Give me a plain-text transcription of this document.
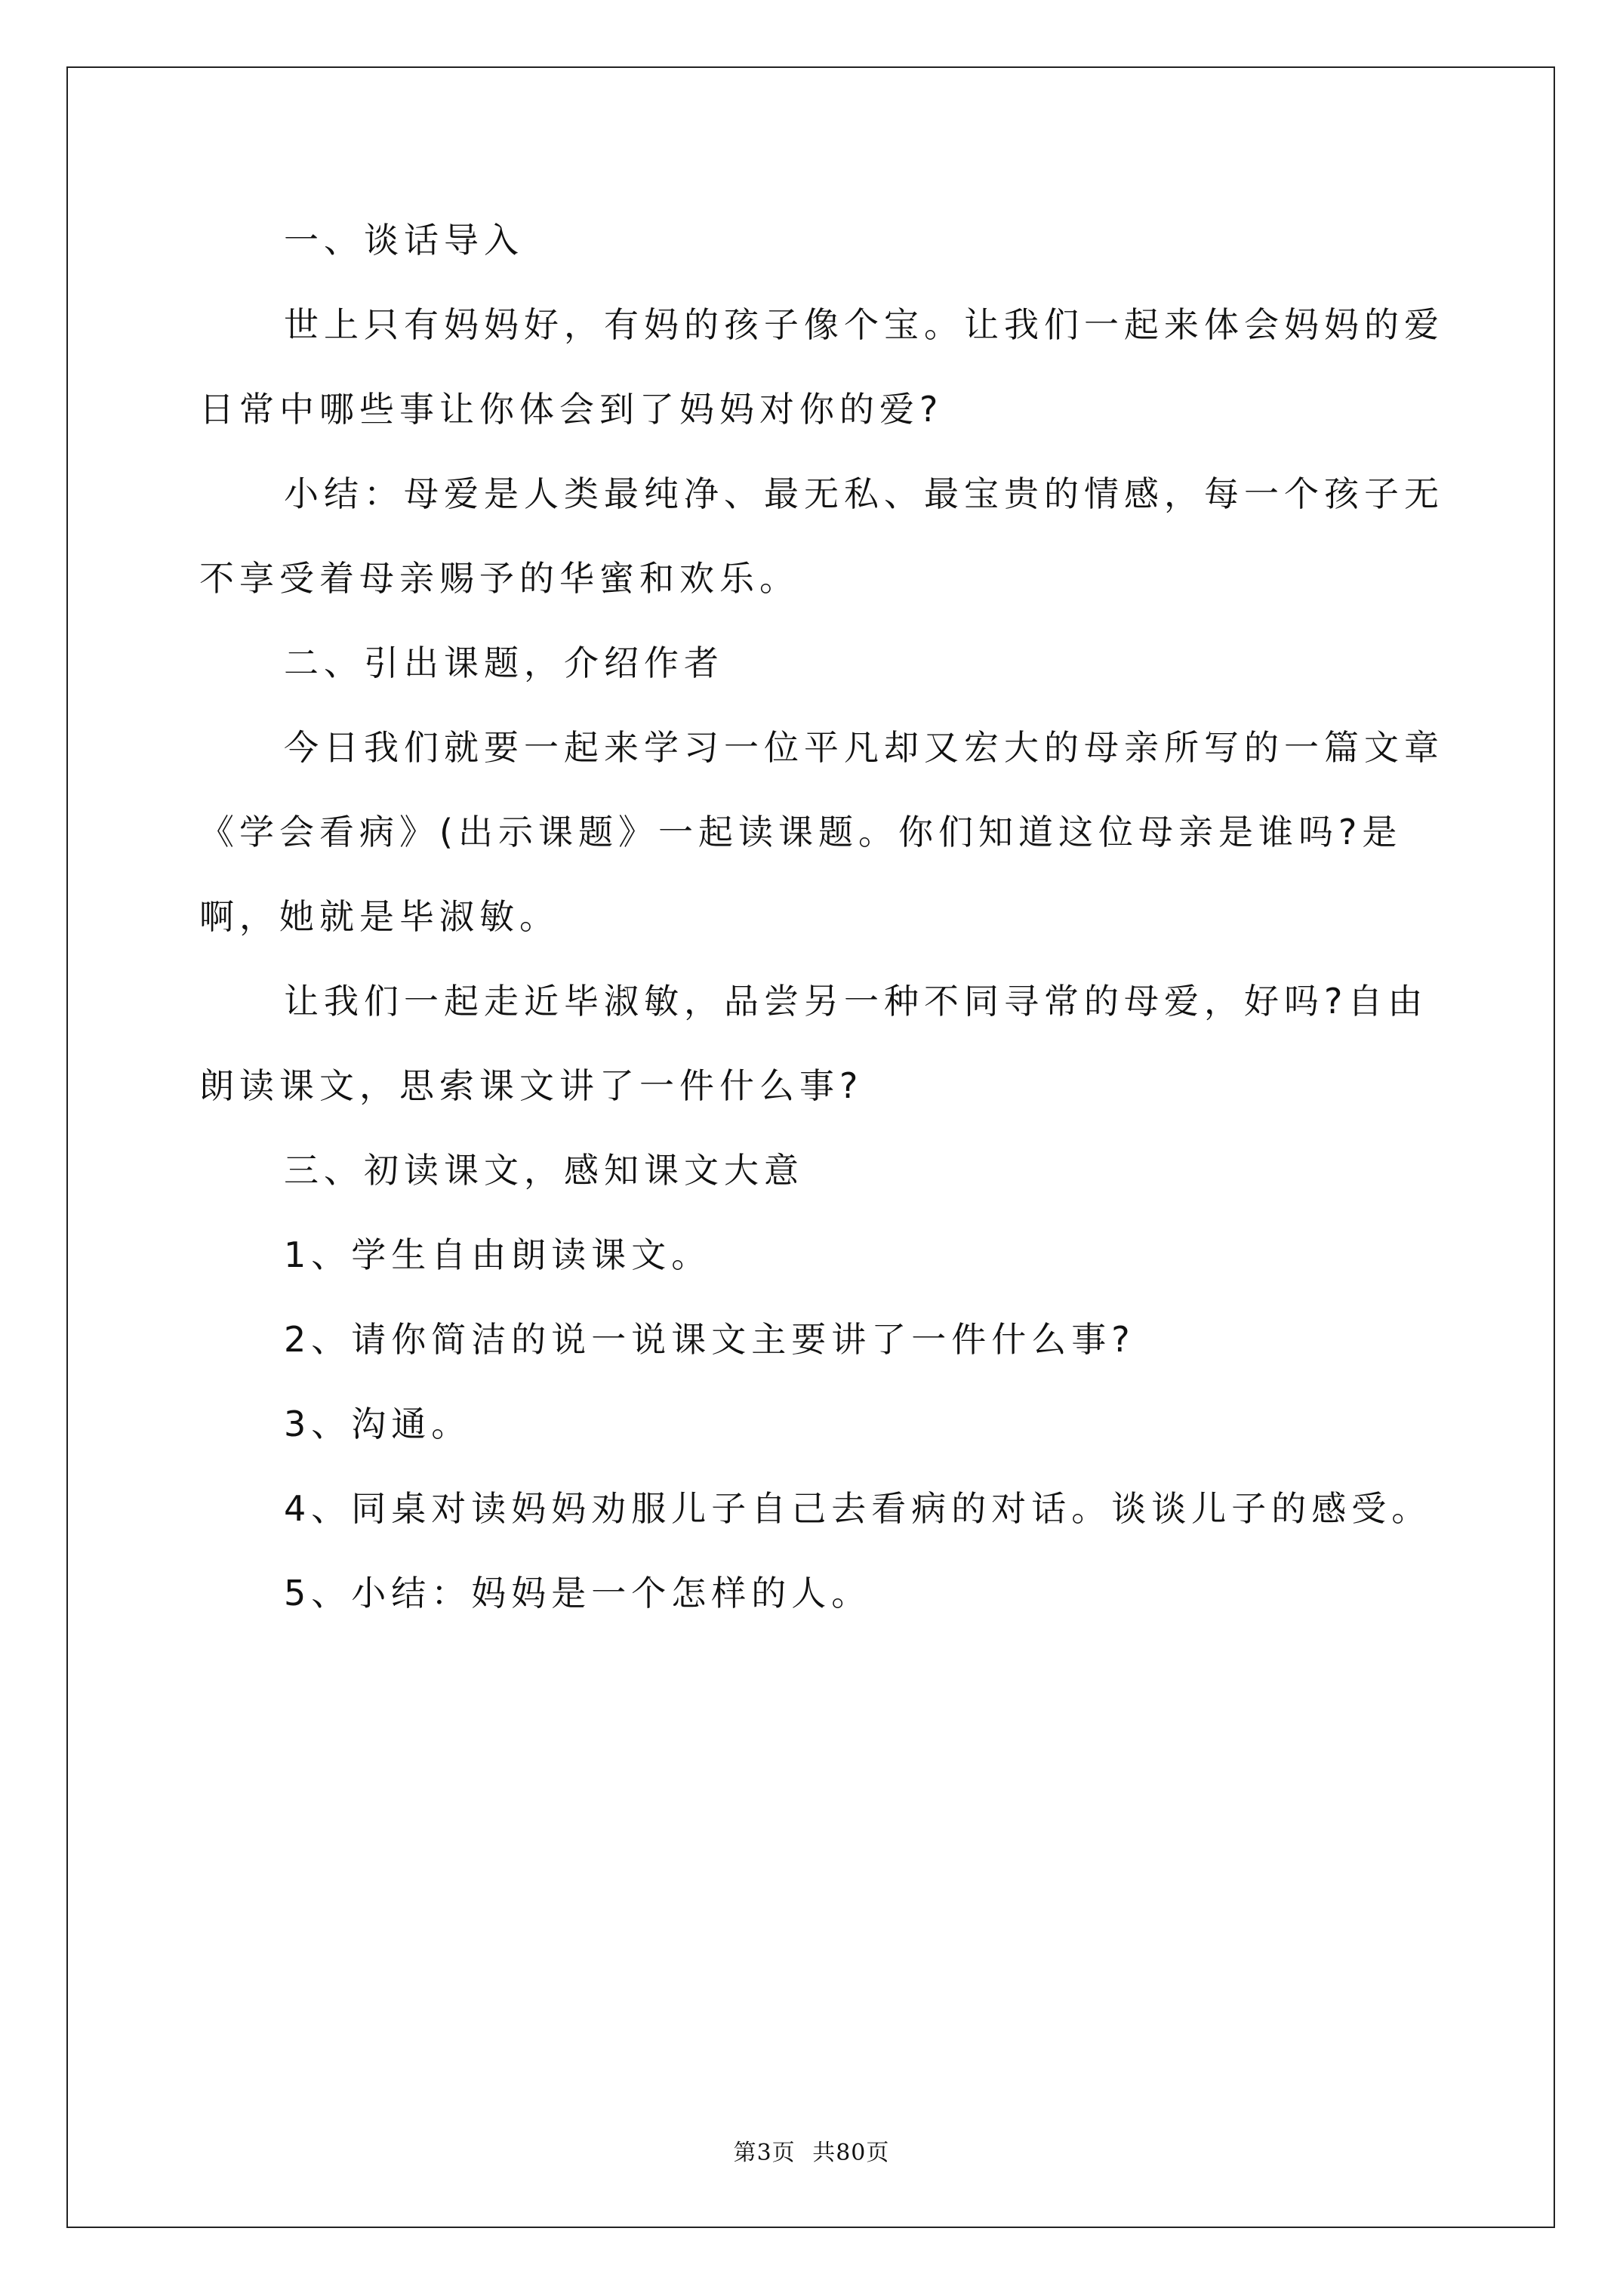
一、谈话导入

世上只有妈妈好，有妈的孩子像个宝。让我们一起来体会妈妈的爱日常中哪些事让你体会到了妈妈对你的爱?

小结：母爱是人类最纯净、最无私、最宝贵的情感，每一个孩子无不享受着母亲赐予的华蜜和欢乐。

二、引出课题，介绍作者

今日我们就要一起来学习一位平凡却又宏大的母亲所写的一篇文章《学会看病》(出示课题》一起读课题。你们知道这位母亲是谁吗?是啊，她就是毕淑敏。

让我们一起走近毕淑敏，品尝另一种不同寻常的母爱，好吗?自由朗读课文，思索课文讲了一件什么事?

三、初读课文，感知课文大意

1、学生自由朗读课文。

2、请你简洁的说一说课文主要讲了一件什么事?

3、沟通。

4、同桌对读妈妈劝服儿子自己去看病的对话。谈谈儿子的感受。

5、小结：妈妈是一个怎样的人。

第3页 共80页
